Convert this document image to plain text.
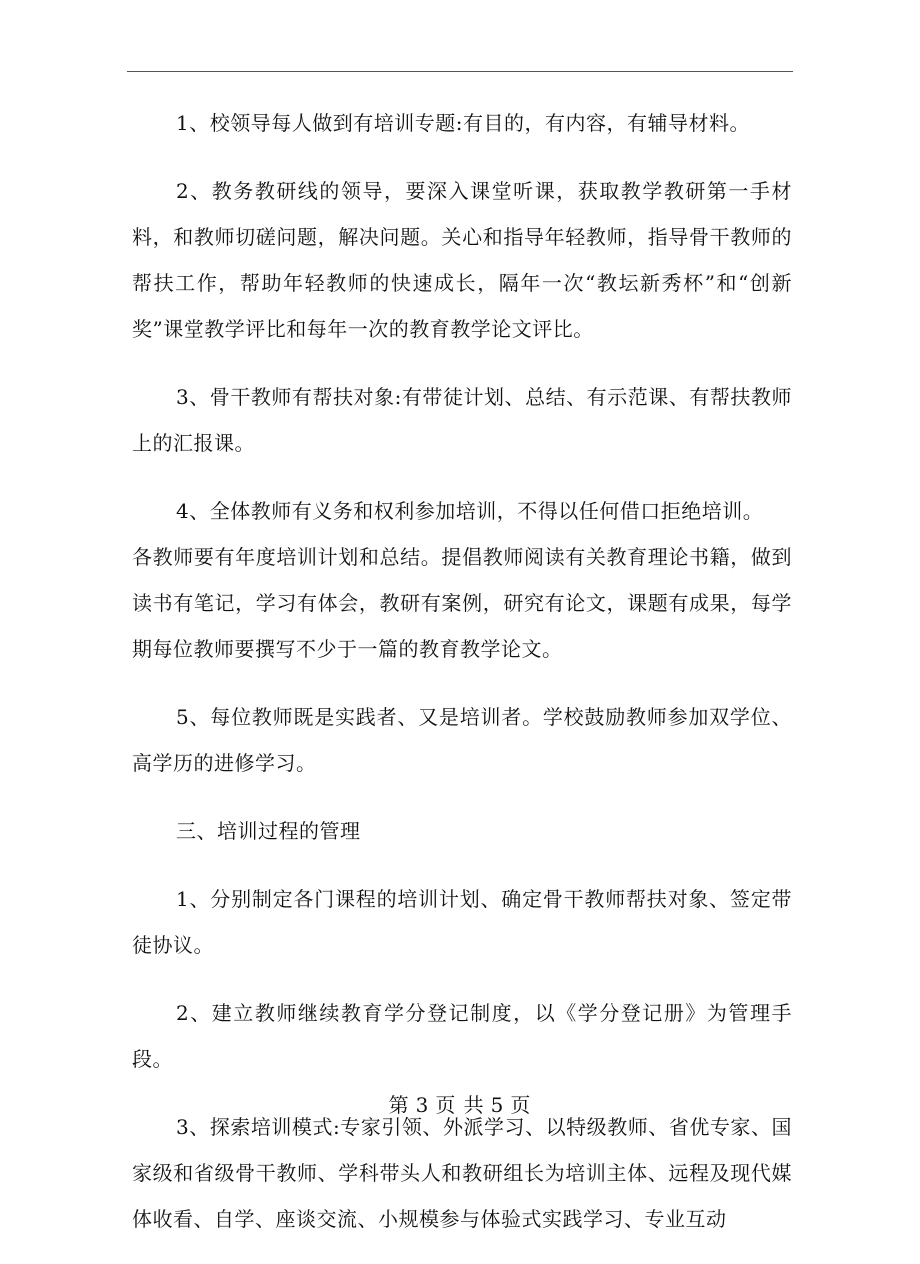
1、校领导每人做到有培训专题:有目的，有内容，有辅导材料。

2、教务教研线的领导，要深入课堂听课，获取教学教研第一手材料，和教师切磋问题，解决问题。关心和指导年轻教师，指导骨干教师的帮扶工作，帮助年轻教师的快速成长，隔年一次“教坛新秀杯”和“创新奖”课堂教学评比和每年一次的教育教学论文评比。

3、骨干教师有帮扶对象:有带徒计划、总结、有示范课、有帮扶教师上的汇报课。

4、全体教师有义务和权利参加培训，不得以任何借口拒绝培训。

各教师要有年度培训计划和总结。提倡教师阅读有关教育理论书籍，做到读书有笔记，学习有体会，教研有案例，研究有论文，课题有成果，每学期每位教师要撰写不少于一篇的教育教学论文。

5、每位教师既是实践者、又是培训者。学校鼓励教师参加双学位、高学历的进修学习。

三、培训过程的管理

1、分别制定各门课程的培训计划、确定骨干教师帮扶对象、签定带徒协议。

2、建立教师继续教育学分登记制度，以《学分登记册》为管理手段。

3、探索培训模式:专家引领、外派学习、以特级教师、省优专家、国家级和省级骨干教师、学科带头人和教研组长为培训主体、远程及现代媒体收看、自学、座谈交流、小规模参与体验式实践学习、专业互动

第 3 页 共 5 页
